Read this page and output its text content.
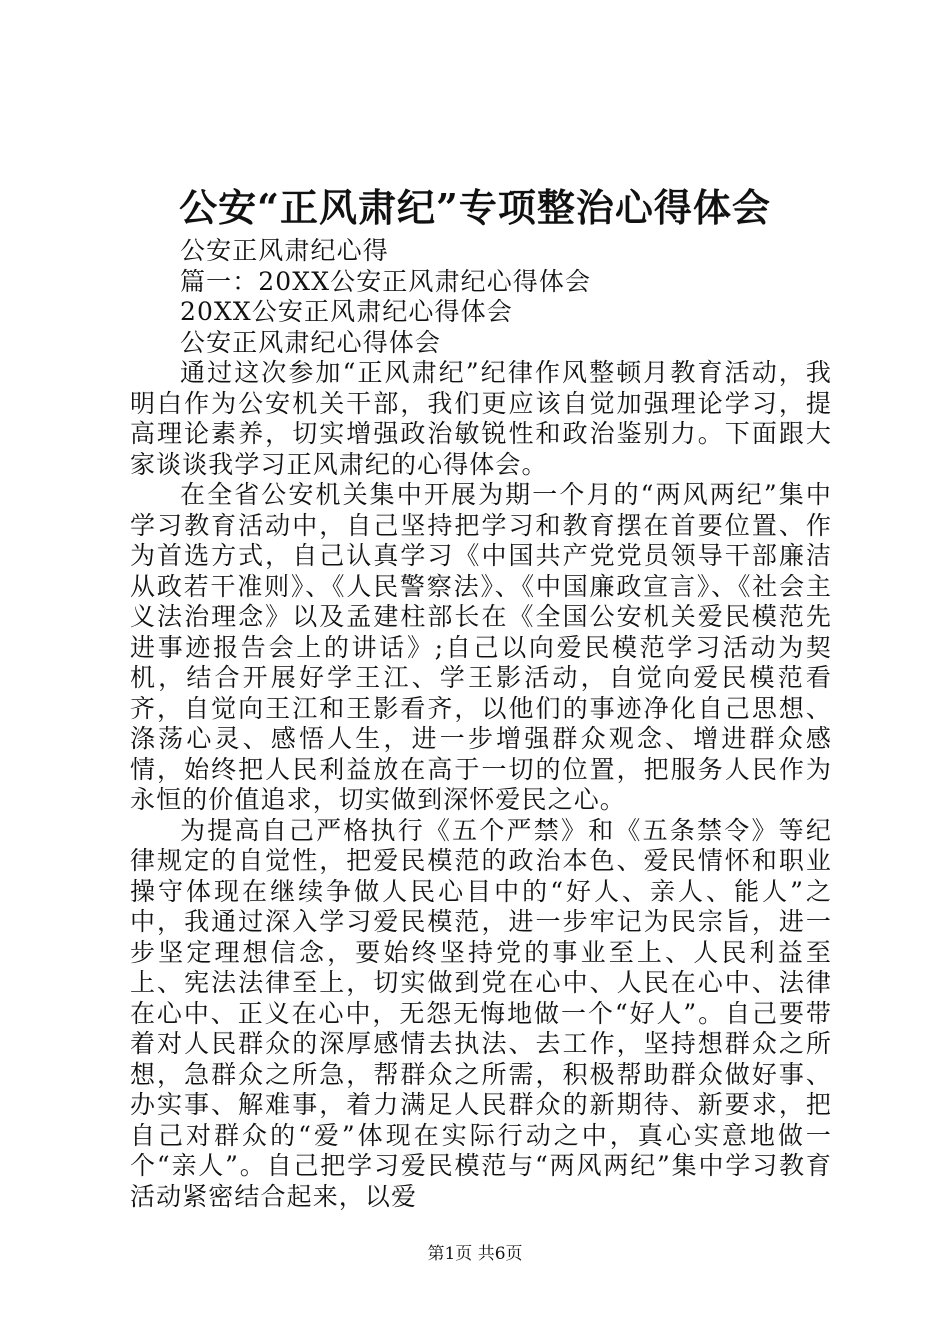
公安“正风肃纪”专项整治心得体会

公安正风肃纪心得

篇一：20XX公安正风肃纪心得体会

20XX公安正风肃纪心得体会

公安正风肃纪心得体会

通过这次参加“正风肃纪”纪律作风整顿月教育活动，我明白作为公安机关干部，我们更应该自觉加强理论学习，提高理论素养，切实增强政治敏锐性和政治鉴别力。下面跟大家谈谈我学习正风肃纪的心得体会。

在全省公安机关集中开展为期一个月的“两风两纪”集中学习教育活动中，自己坚持把学习和教育摆在首要位置、作为首选方式，自己认真学习《中国共产党党员领导干部廉洁从政若干准则》、《人民警察法》、《中国廉政宣言》、《社会主义法治理念》以及孟建柱部长在《全国公安机关爱民模范先进事迹报告会上的讲话》;自己以向爱民模范学习活动为契机，结合开展好学王江、学王影活动，自觉向爱民模范看齐，自觉向王江和王影看齐，以他们的事迹净化自己思想、涤荡心灵、感悟人生，进一步增强群众观念、增进群众感情，始终把人民利益放在高于一切的位置，把服务人民作为永恒的价值追求，切实做到深怀爱民之心。

为提高自己严格执行《五个严禁》和《五条禁令》等纪律规定的自觉性，把爱民模范的政治本色、爱民情怀和职业操守体现在继续争做人民心目中的“好人、亲人、能人”之中，我通过深入学习爱民模范，进一步牢记为民宗旨，进一步坚定理想信念，要始终坚持党的事业至上、人民利益至上、宪法法律至上，切实做到党在心中、人民在心中、法律在心中、正义在心中，无怨无悔地做一个“好人”。自己要带着对人民群众的深厚感情去执法、去工作，坚持想群众之所想，急群众之所急，帮群众之所需，积极帮助群众做好事、办实事、解难事，着力满足人民群众的新期待、新要求，把自己对群众的“爱”体现在实际行动之中，真心实意地做一个“亲人”。自己把学习爱民模范与“两风两纪”集中学习教育活动紧密结合起来，以爱

第1页 共6页
